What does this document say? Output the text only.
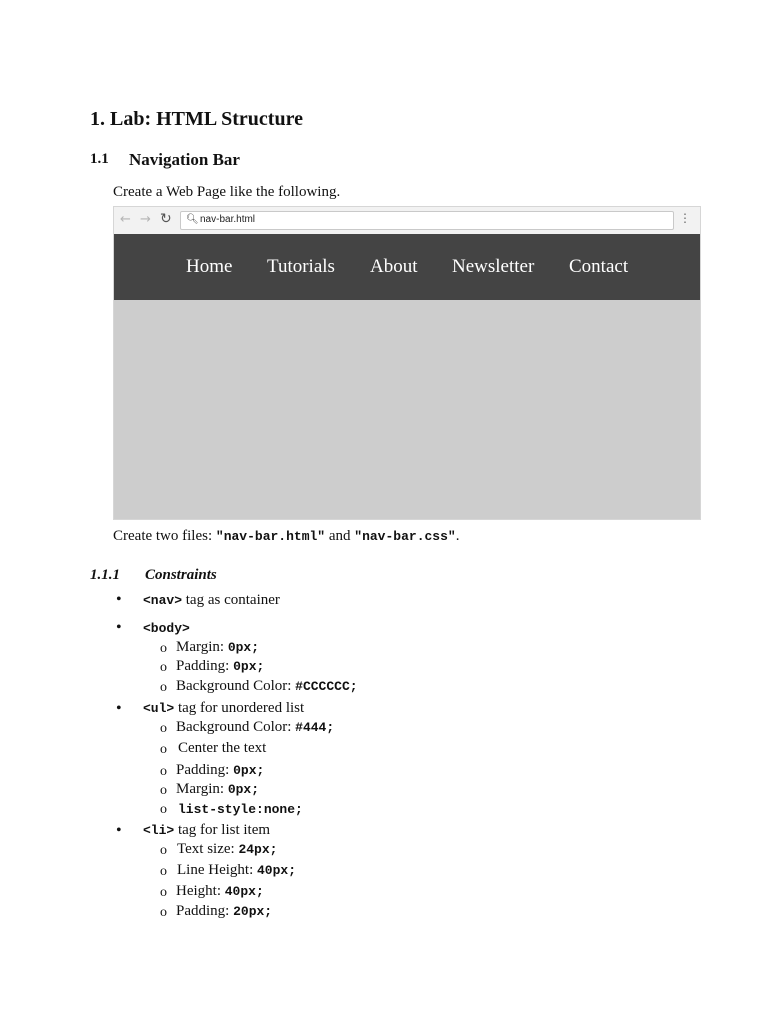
1. Lab: HTML Structure
1.1 Navigation Bar
Create a Web Page like the following.
← → ↻ 🔍︎ nav-bar.html	⋮
Home Tutorials About Newsletter Contact
Create two files: "nav-bar.html" and "nav-bar.css".
1.1.1 Constraints
• <nav> tag as container
• <body>
o Margin: 0px;
o Padding: 0px;
o Background Color: #CCCCCC;
• <ul> tag for unordered list
o Background Color: #444;
o Center the text
o Padding: 0px;
o Margin: 0px;
o list-style:none;
• <li> tag for list item
o Text size: 24px;
o Line Height: 40px;
o Height: 40px;
o Padding: 20px;
